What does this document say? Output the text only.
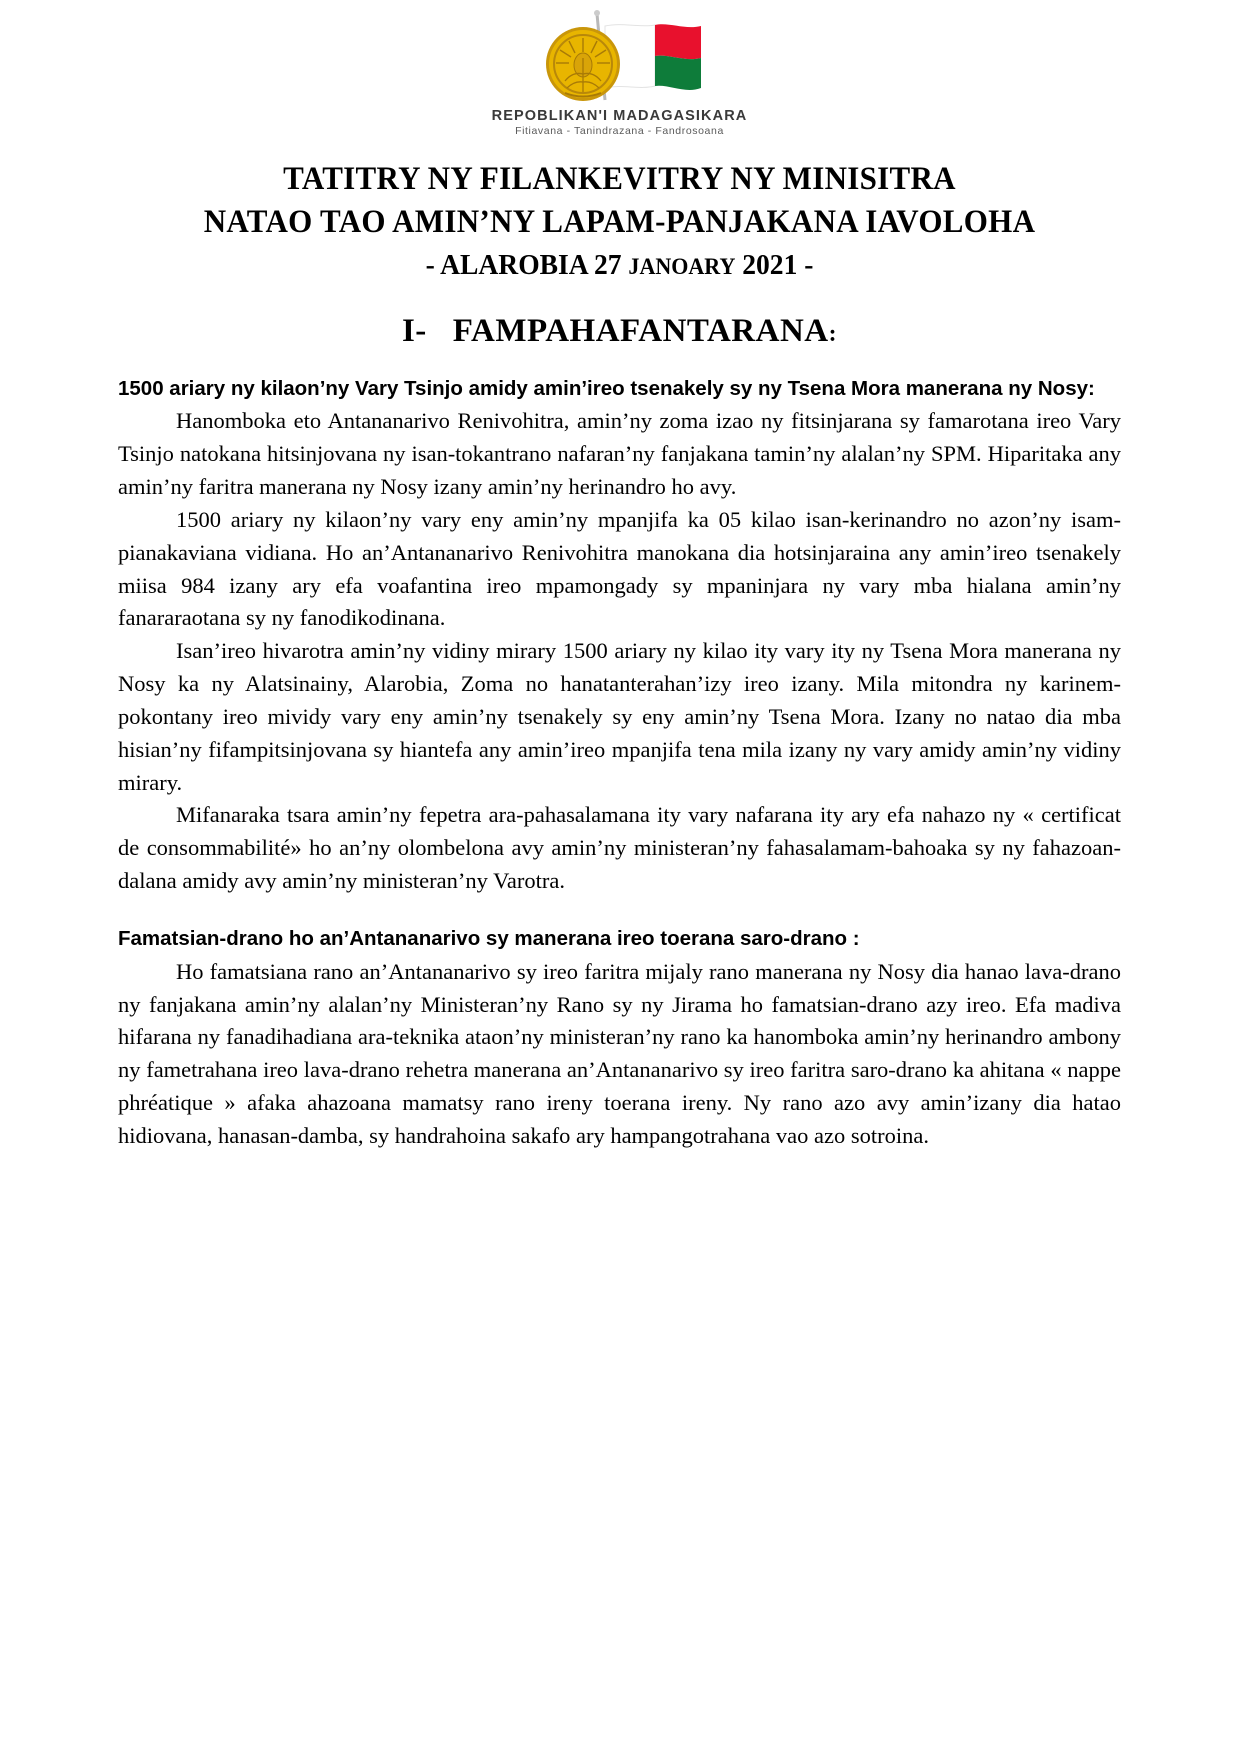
REPOBLIKAN'I MADAGASIKARA
Fitiavana - Tanindrazana - Fandrosoana
TATITRY NY FILANKEVITRY NY MINISITRA
NATAO TAO AMIN’NY LAPAM-PANJAKANA IAVOLOHA
- ALAROBIA 27 JANOARY 2021 -
I- FAMPAHAFANTARANA:

1500 ariary ny kilaon’ny Vary Tsinjo amidy amin’ireo tsenakely sy ny Tsena Mora manerana ny Nosy:

Hanomboka eto Antananarivo Renivohitra, amin’ny zoma izao ny fitsinjarana sy famarotana ireo Vary Tsinjo natokana hitsinjovana ny isan-tokantrano nafaran’ny fanjakana tamin’ny alalan’ny SPM. Hiparitaka any amin’ny faritra manerana ny Nosy izany amin’ny herinandro ho avy.

1500 ariary ny kilaon’ny vary eny amin’ny mpanjifa ka 05 kilao isan-kerinandro no azon’ny isam-pianakaviana vidiana. Ho an’Antananarivo Renivohitra manokana dia hotsinjaraina any amin’ireo tsenakely miisa 984 izany ary efa voafantina ireo mpamongady sy mpaninjara ny vary mba hialana amin’ny fanararaotana sy ny fanodikodinana.

Isan’ireo hivarotra amin’ny vidiny mirary 1500 ariary ny kilao ity vary ity ny Tsena Mora manerana ny Nosy ka ny Alatsinainy, Alarobia, Zoma no hanatanterahan’izy ireo izany. Mila mitondra ny karinem-pokontany ireo mividy vary eny amin’ny tsenakely sy eny amin’ny Tsena Mora. Izany no natao dia mba hisian’ny fifampitsinjovana sy hiantefa any amin’ireo mpanjifa tena mila izany ny vary amidy amin’ny vidiny mirary.

Mifanaraka tsara amin’ny fepetra ara-pahasalamana ity vary nafarana ity ary efa nahazo ny « certificat de consommabilité» ho an’ny olombelona avy amin’ny ministeran’ny fahasalamam-bahoaka sy ny fahazoan-dalana amidy avy amin’ny ministeran’ny Varotra.

Famatsian-drano ho an’Antananarivo sy manerana ireo toerana saro-drano :

Ho famatsiana rano an’Antananarivo sy ireo faritra mijaly rano manerana ny Nosy dia hanao lava-drano ny fanjakana amin’ny alalan’ny Ministeran’ny Rano sy ny Jirama ho famatsian-drano azy ireo. Efa madiva hifarana ny fanadihadiana ara-teknika ataon’ny ministeran’ny rano ka hanomboka amin’ny herinandro ambony ny fametrahana ireo lava-drano rehetra manerana an’Antananarivo sy ireo faritra saro-drano ka ahitana « nappe phréatique » afaka ahazoana mamatsy rano ireny toerana ireny. Ny rano azo avy amin’izany dia hatao hidiovana, hanasan-damba, sy handrahoina sakafo ary hampangotrahana vao azo sotroina.
